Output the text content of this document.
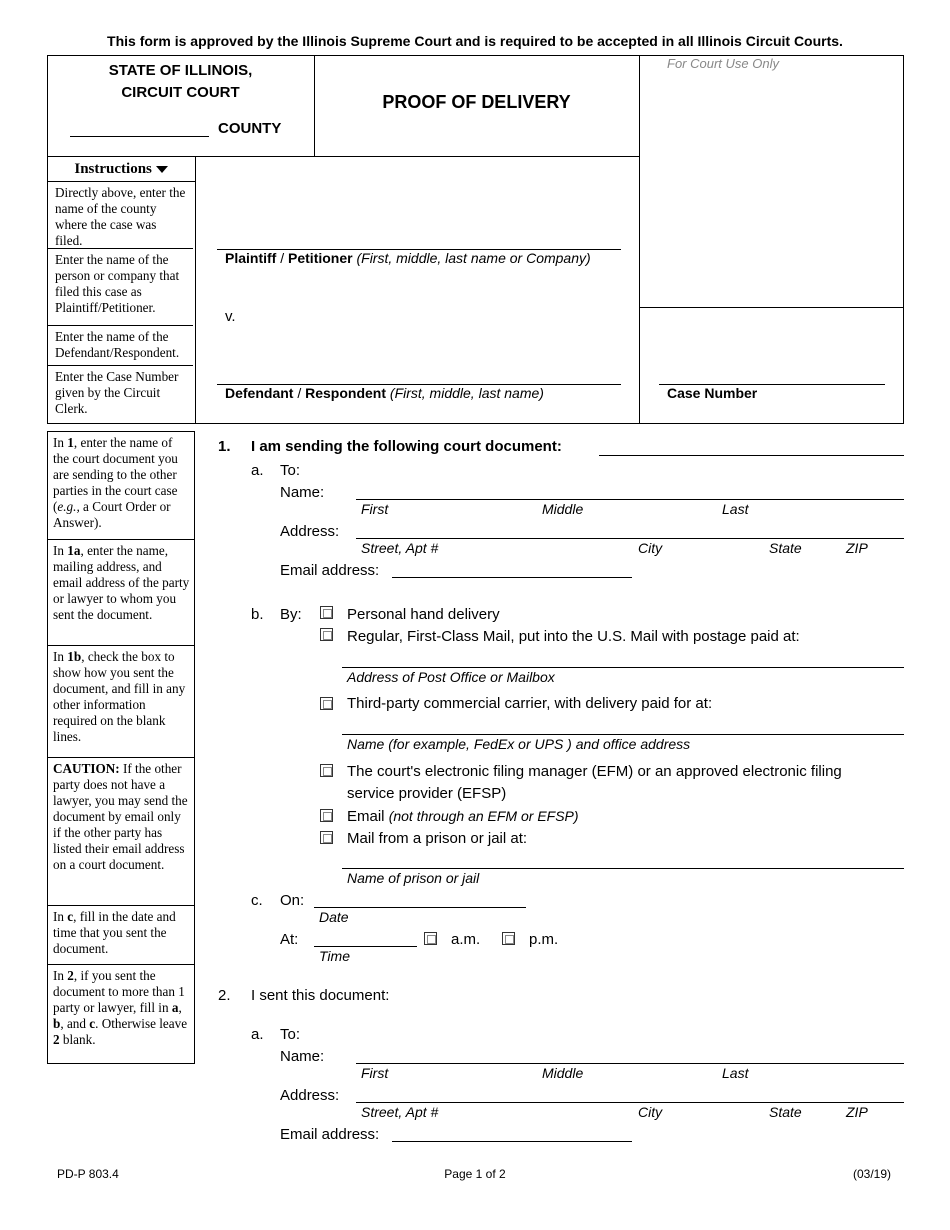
This form is approved by the Illinois Supreme Court and is required to be accepted in all Illinois Circuit Courts.
STATE OF ILLINOIS,
CIRCUIT COURT
COUNTY
PROOF OF DELIVERY
For Court Use Only
Instructions
Directly above, enter the name of the county where the case was filed.
Enter the name of the person or company that filed this case as Plaintiff/Petitioner.
Enter the name of the Defendant/Respondent.
Enter the Case Number given by the Circuit Clerk.
Plaintiff / Petitioner (First, middle, last name or Company)
v.
Defendant / Respondent (First, middle, last name)	Case Number
In 1, enter the name of the court document you are sending to the other parties in the court case (e.g., a Court Order or Answer).
In 1a, enter the name, mailing address, and email address of the party or lawyer to whom you sent the document.
In 1b, check the box to show how you sent the document, and fill in any other information required on the blank lines.
CAUTION: If the other party does not have a lawyer, you may send the document by email only if the other party has listed their email address on a court document.
In c, fill in the date and time that you sent the document.
In 2, if you sent the document to more than 1 party or lawyer, fill in a, b, and c. Otherwise leave 2 blank.
1. I am sending the following court document:
a. To:
Name:
First	Middle	Last
Address:
Street, Apt #	City	State	ZIP
Email address:
b. By:	Personal hand delivery
Regular, First-Class Mail, put into the U.S. Mail with postage paid at:
Address of Post Office or Mailbox
Third-party commercial carrier, with delivery paid for at:
Name (for example, FedEx or UPS ) and office address
The court's electronic filing manager (EFM) or an approved electronic filing
service provider (EFSP)
Email (not through an EFM or EFSP)
Mail from a prison or jail at:
Name of prison or jail
c. On:
Date
At:
Time
a.m.	p.m.
2. I sent this document:
a. To:
Name:
First	Middle	Last
Address:
Street, Apt #	City	State	ZIP
Email address:
PD-P 803.4	Page 1 of 2	(03/19)
